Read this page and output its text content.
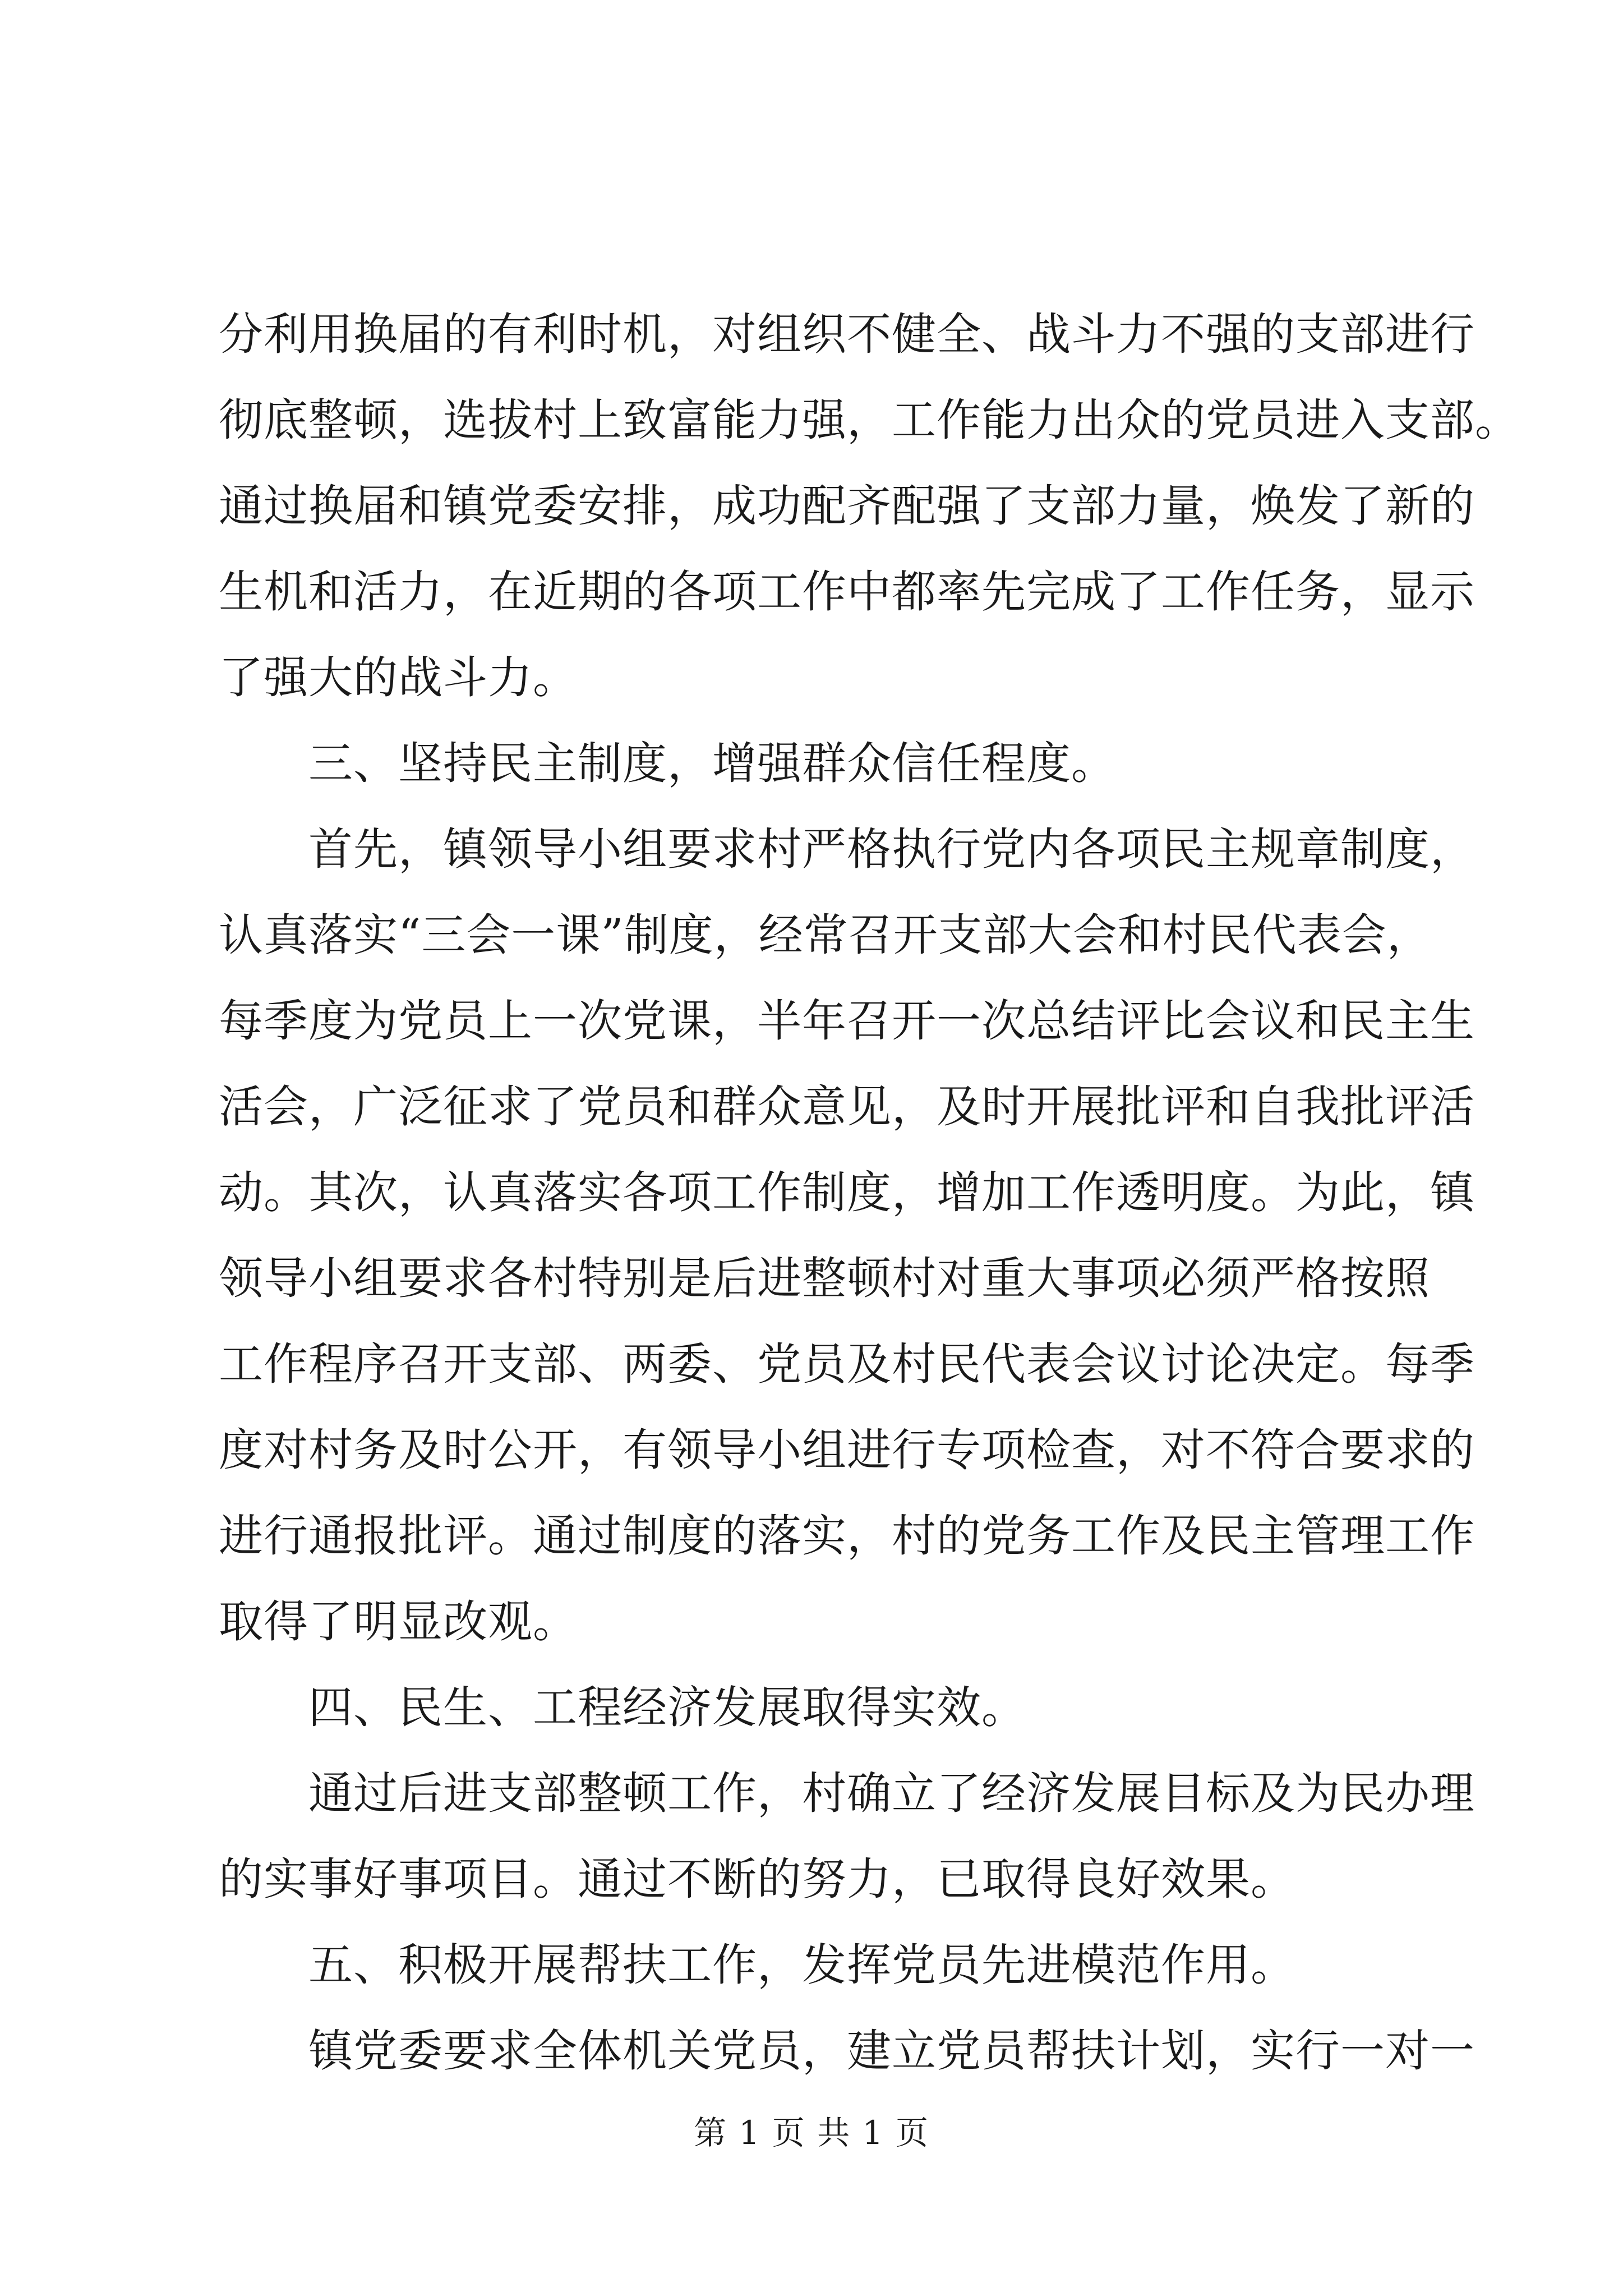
分利用换届的有利时机，对组织不健全、战斗力不强的支部进行
彻底整顿，选拔村上致富能力强，工作能力出众的党员进入支部。
通过换届和镇党委安排，成功配齐配强了支部力量，焕发了新的
生机和活力，在近期的各项工作中都率先完成了工作任务，显示
了强大的战斗力。
三、坚持民主制度，增强群众信任程度。
首先，镇领导小组要求村严格执行党内各项民主规章制度，
认真落实“三会一课”制度，经常召开支部大会和村民代表会，
每季度为党员上一次党课，半年召开一次总结评比会议和民主生
活会，广泛征求了党员和群众意见，及时开展批评和自我批评活
动。其次，认真落实各项工作制度，增加工作透明度。为此，镇
领导小组要求各村特别是后进整顿村对重大事项必须严格按照
工作程序召开支部、两委、党员及村民代表会议讨论决定。每季
度对村务及时公开，有领导小组进行专项检查，对不符合要求的
进行通报批评。通过制度的落实，村的党务工作及民主管理工作
取得了明显改观。
四、民生、工程经济发展取得实效。
通过后进支部整顿工作，村确立了经济发展目标及为民办理
的实事好事项目。通过不断的努力，已取得良好效果。
五、积极开展帮扶工作，发挥党员先进模范作用。
镇党委要求全体机关党员，建立党员帮扶计划，实行一对一
第 1 页 共 1 页
